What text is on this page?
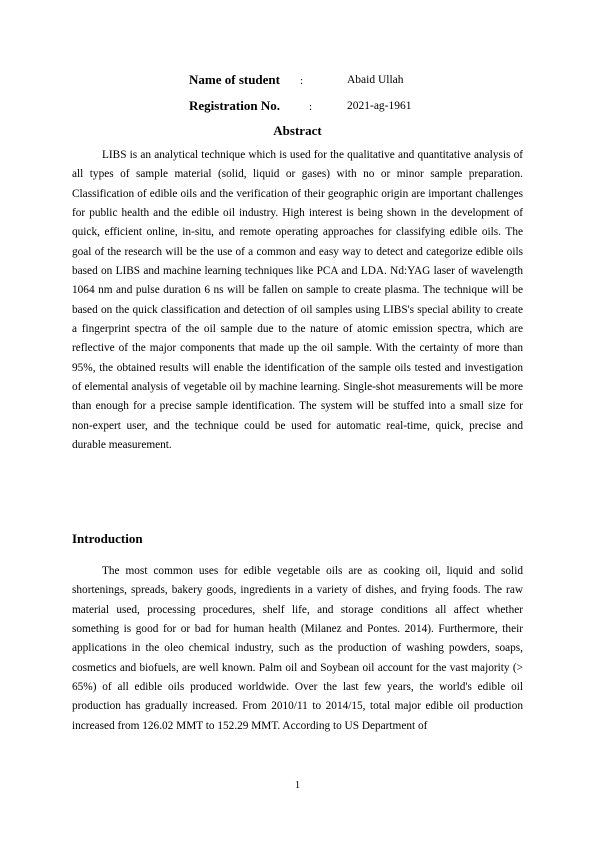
Name of student :	Abaid Ullah
Registration No.	:	2021-ag-1961
Abstract

LIBS is an analytical technique which is used for the qualitative and quantitative analysis of all types of sample material (solid, liquid or gases) with no or minor sample preparation. Classification of edible oils and the verification of their geographic origin are important challenges for public health and the edible oil industry. High interest is being shown in the development of quick, efficient online, in-situ, and remote operating approaches for classifying edible oils. The goal of the research will be the use of a common and easy way to detect and categorize edible oils based on LIBS and machine learning techniques like PCA and LDA. Nd:YAG laser of wavelength 1064 nm and pulse duration 6 ns will be fallen on sample to create plasma. The technique will be based on the quick classification and detection of oil samples using LIBS's special ability to create a fingerprint spectra of the oil sample due to the nature of atomic emission spectra, which are reflective of the major components that made up the oil sample. With the certainty of more than 95%, the obtained results will enable the identification of the sample oils tested and investigation of elemental analysis of vegetable oil by machine learning. Single-shot measurements will be more than enough for a precise sample identification. The system will be stuffed into a small size for non-expert user, and the technique could be used for automatic real-time, quick, precise and durable measurement.

Introduction

The most common uses for edible vegetable oils are as cooking oil, liquid and solid shortenings, spreads, bakery goods, ingredients in a variety of dishes, and frying foods. The raw material used, processing procedures, shelf life, and storage conditions all affect whether something is good for or bad for human health (Milanez and Pontes. 2014). Furthermore, their applications in the oleo chemical industry, such as the production of washing powders, soaps, cosmetics and biofuels, are well known. Palm oil and Soybean oil account for the vast majority (> 65%) of all edible oils produced worldwide. Over the last few years, the world's edible oil production has gradually increased. From 2010/11 to 2014/15, total major edible oil production increased from 126.02 MMT to 152.29 MMT. According to US Department of

1
